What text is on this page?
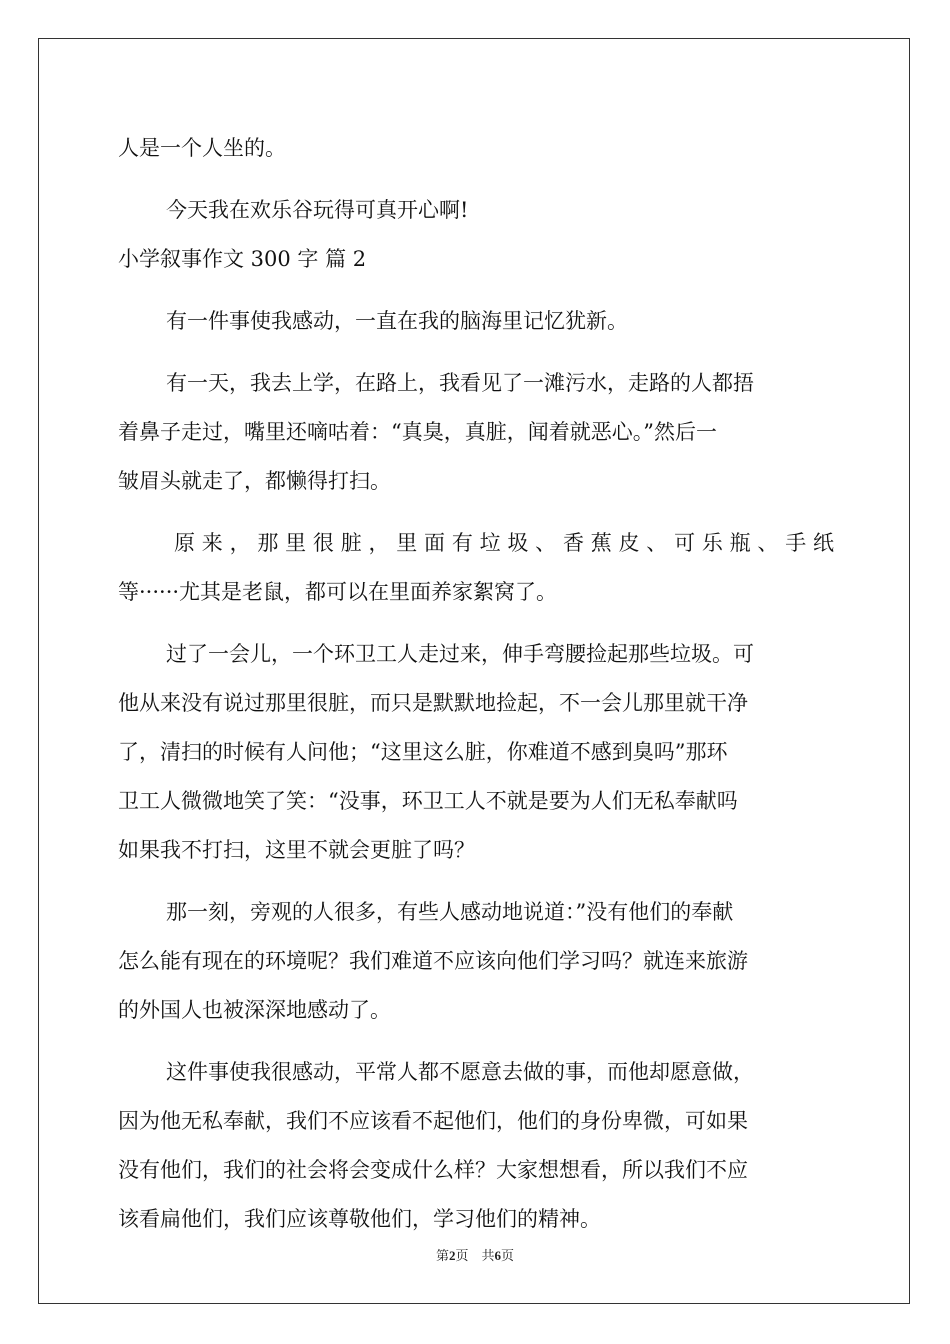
人是一个人坐的。
今天我在欢乐谷玩得可真开心啊!
小学叙事作文 300 字 篇 2
有一件事使我感动，一直在我的脑海里记忆犹新。
有一天，我去上学，在路上，我看见了一滩污水，走路的人都捂
着鼻子走过，嘴里还嘀咕着：“真臭，真脏，闻着就恶心。”然后一
皱眉头就走了，都懒得打扫。
原来，那里很脏，里面有垃圾、香蕉皮、可乐瓶、手纸
等······尤其是老鼠，都可以在里面养家絮窝了。
过了一会儿，一个环卫工人走过来，伸手弯腰捡起那些垃圾。可
他从来没有说过那里很脏，而只是默默地捡起，不一会儿那里就干净
了，清扫的时候有人问他；“这里这么脏，你难道不感到臭吗”那环
卫工人微微地笑了笑：“没事，环卫工人不就是要为人们无私奉献吗
如果我不打扫，这里不就会更脏了吗？
那一刻，旁观的人很多，有些人感动地说道：”没有他们的奉献
怎么能有现在的环境呢？我们难道不应该向他们学习吗？就连来旅游
的外国人也被深深地感动了。
这件事使我很感动，平常人都不愿意去做的事，而他却愿意做，
因为他无私奉献，我们不应该看不起他们，他们的身份卑微，可如果
没有他们，我们的社会将会变成什么样？大家想想看，所以我们不应
该看扁他们，我们应该尊敬他们，学习他们的精神。
第2页 共6页
